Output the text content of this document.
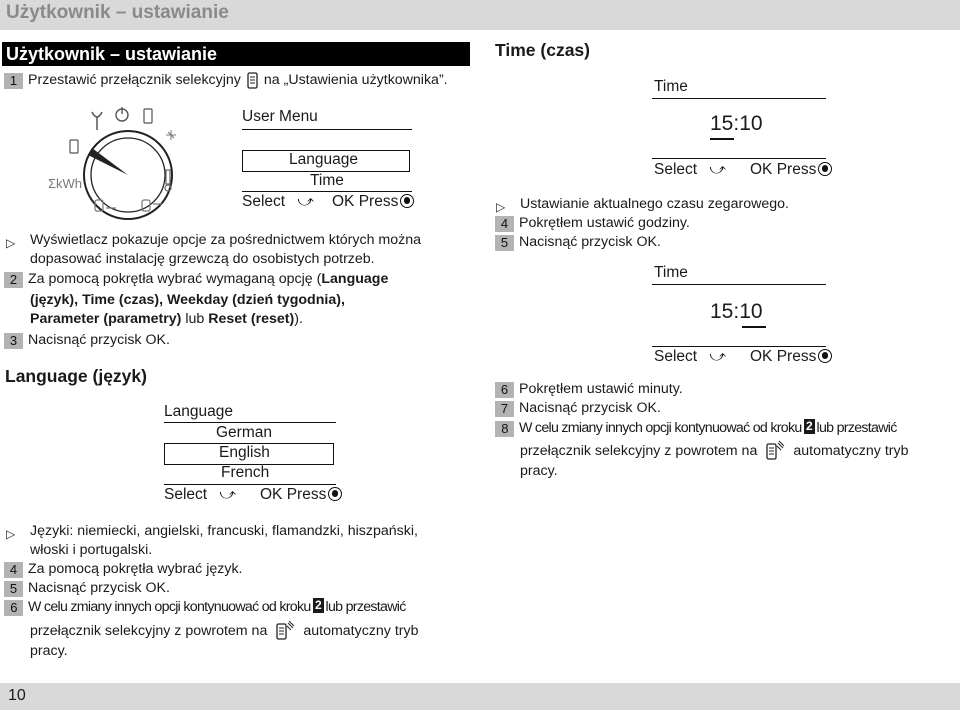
Użytkownik – ustawianie
Użytkownik – ustawianie
1 Przestawić przełącznik selekcyjny na „Ustawienia użytkownika”.
ΣkWh
User Menu
Language
Time
Select ⤻ OK Press
▷ Wyświetlacz pokazuje opcje za pośrednictwem których można
dopasować instalację grzewczą do osobistych potrzeb.
2 Za pomocą pokrętła wybrać wymaganą opcję ( Language
(język), Time (czas), Weekday (dzień tygodnia),
Parameter (parametry) lub Reset (reset)).
3 Nacisnąć przycisk OK.
Language (język)
Language
German
English
French
Select ⤻ OK Press
▷ Języki: niemiecki, angielski, francuski, flamandzki, hiszpański,
włoski i portugalski.
4 Za pomocą pokrętła wybrać język.
5 Nacisnąć przycisk OK.
6 W celu zmiany innych opcji kontynuować od kroku 2 lub przestawić
przełącznik selekcyjny z powrotem na	automatyczny tryb
pracy.
Time (czas)
Time
15:10
Select ⤻ OK Press
▷ Ustawianie aktualnego czasu zegarowego.
4 Pokrętłem ustawić godziny.
5 Nacisnąć przycisk OK.
Time
15:10
Select ⤻ OK Press
6 Pokrętłem ustawić minuty.
7 Nacisnąć przycisk OK.
8 W celu zmiany innych opcji kontynuować od kroku 2 lub przestawić
przełącznik selekcyjny z powrotem na	automatyczny tryb
pracy.
10
